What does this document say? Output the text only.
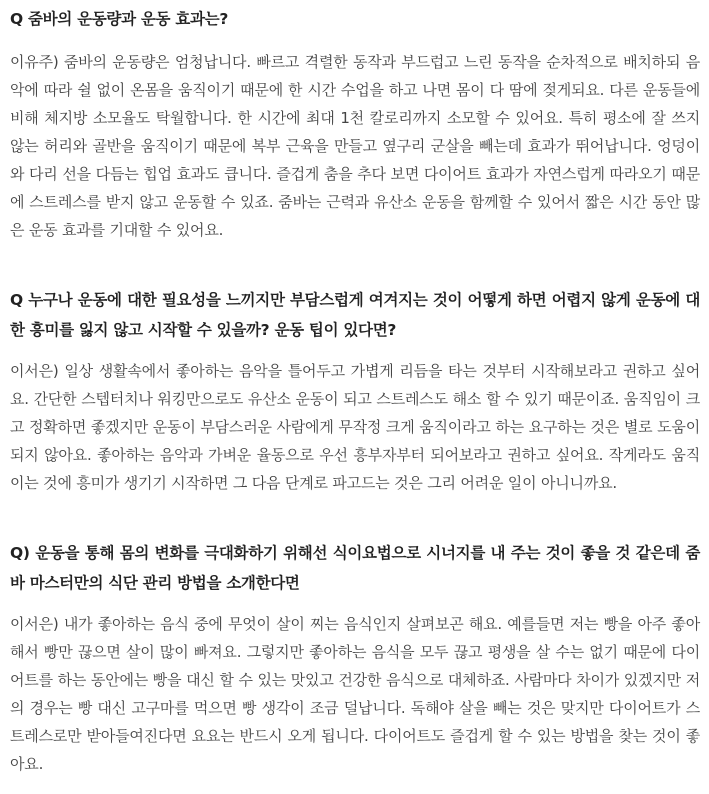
Q 줌바의 운동량과 운동 효과는?

이유주) 줌바의 운동량은 엄청납니다. 빠르고 격렬한 동작과 부드럽고 느린 동작을 순차적으로 배치하되 음악에 따라 쉴 없이 온몸을 움직이기 때문에 한 시간 수업을 하고 나면 몸이 다 땀에 젖게되요. 다른 운동들에 비해 체지방 소모율도 탁월합니다. 한 시간에 최대 1천 칼로리까지 소모할 수 있어요. 특히 평소에 잘 쓰지 않는 허리와 골반을 움직이기 때문에 복부 근육을 만들고 옆구리 군살을 빼는데 효과가 뛰어납니다. 엉덩이와 다리 선을 다듬는 힙업 효과도 큽니다. 즐겁게 춤을 추다 보면 다이어트 효과가 자연스럽게 따라오기 때문에 스트레스를 받지 않고 운동할 수 있죠. 줌바는 근력과 유산소 운동을 함께할 수 있어서 짧은 시간 동안 많은 운동 효과를 기대할 수 있어요.

Q 누구나 운동에 대한 필요성을 느끼지만 부담스럽게 여겨지는 것이 어떻게 하면 어렵지 않게 운동에 대한 흥미를 잃지 않고 시작할 수 있을까? 운동 팁이 있다면?

이서은) 일상 생활속에서 좋아하는 음악을 틀어두고 가볍게 리듬을 타는 것부터 시작해보라고 권하고 싶어요. 간단한 스텝터치나 워킹만으로도 유산소 운동이 되고 스트레스도 해소 할 수 있기 때문이죠. 움직임이 크고 정확하면 좋겠지만 운동이 부담스러운 사람에게 무작정 크게 움직이라고 하는 요구하는 것은 별로 도움이 되지 않아요. 좋아하는 음악과 가벼운 율동으로 우선 흥부자부터 되어보라고 권하고 싶어요. 작게라도 움직이는 것에 흥미가 생기기 시작하면 그 다음 단계로 파고드는 것은 그리 어려운 일이 아니니까요.

Q) 운동을 통해 몸의 변화를 극대화하기 위해선 식이요법으로 시너지를 내 주는 것이 좋을 것 같은데 줌바 마스터만의 식단 관리 방법을 소개한다면

이서은) 내가 좋아하는 음식 중에 무엇이 살이 찌는 음식인지 살펴보곤 해요. 예를들면 저는 빵을 아주 좋아해서 빵만 끊으면 살이 많이 빠져요. 그렇지만 좋아하는 음식을 모두 끊고 평생을 살 수는 없기 때문에 다이어트를 하는 동안에는 빵을 대신 할 수 있는 맛있고 건강한 음식으로 대체하죠. 사람마다 차이가 있겠지만 저의 경우는 빵 대신 고구마를 먹으면 빵 생각이 조금 덜납니다. 독해야 살을 빼는 것은 맞지만 다이어트가 스트레스로만 받아들여진다면 요요는 반드시 오게 됩니다. 다이어트도 즐겁게 할 수 있는 방법을 찾는 것이 좋아요.
